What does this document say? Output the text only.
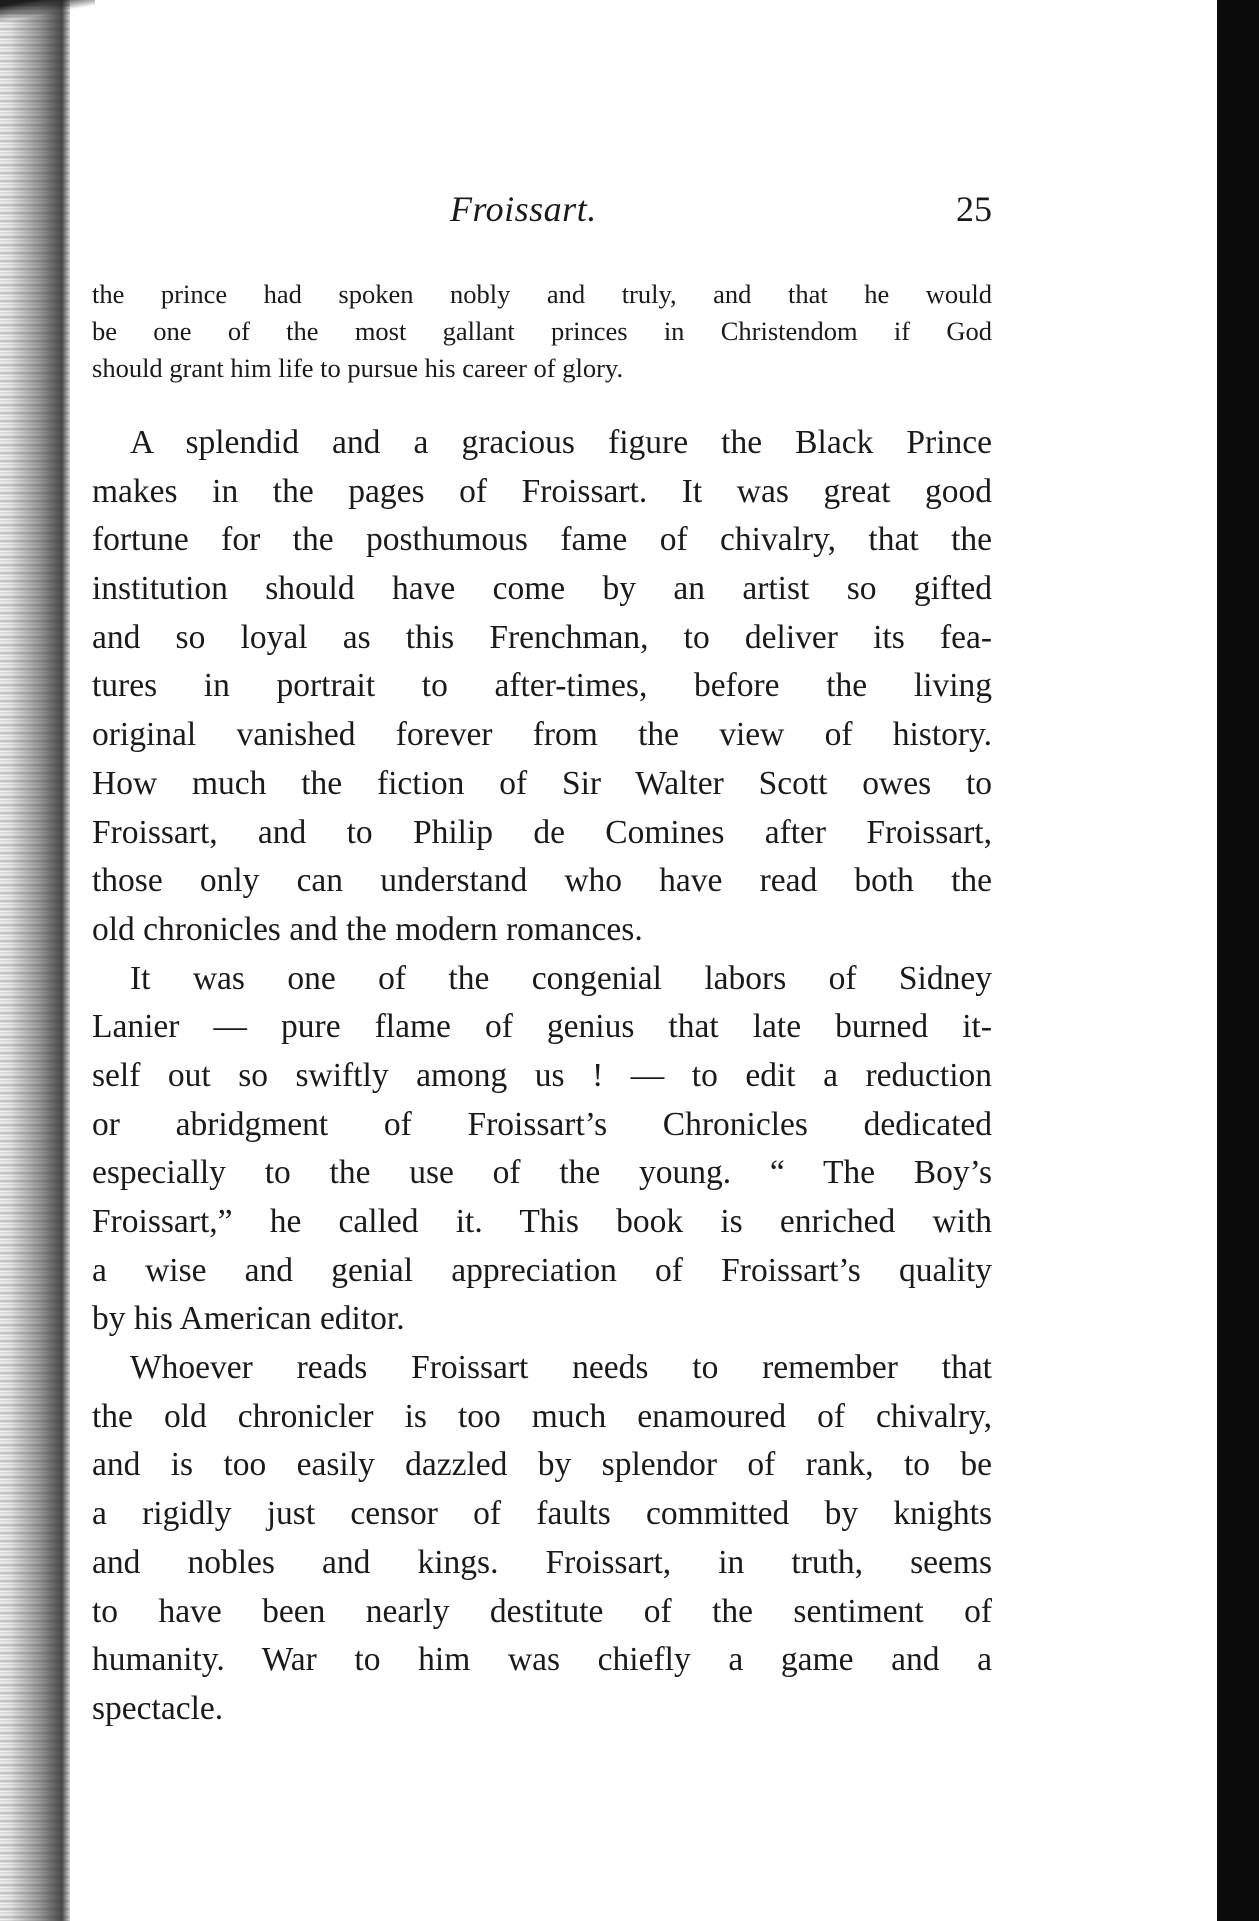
Froissart.	25
the prince had spoken nobly and truly, and that he would
be one of the most gallant princes in Christendom if God
should grant him life to pursue his career of glory.
A splendid and a gracious figure the Black Prince
makes in the pages of Froissart. It was great good
fortune for the posthumous fame of chivalry, that the
institution should have come by an artist so gifted
and so loyal as this Frenchman, to deliver its fea-
tures in portrait to after-times, before the living
original vanished forever from the view of history.
How much the fiction of Sir Walter Scott owes to
Froissart, and to Philip de Comines after Froissart,
those only can understand who have read both the
old chronicles and the modern romances.
It was one of the congenial labors of Sidney
Lanier — pure flame of genius that late burned it-
self out so swiftly among us ! — to edit a reduction
or abridgment of Froissart’s Chronicles dedicated
especially to the use of the young. “ The Boy’s
Froissart,” he called it. This book is enriched with
a wise and genial appreciation of Froissart’s quality
by his American editor.
Whoever reads Froissart needs to remember that
the old chronicler is too much enamoured of chivalry,
and is too easily dazzled by splendor of rank, to be
a rigidly just censor of faults committed by knights
and nobles and kings. Froissart, in truth, seems
to have been nearly destitute of the sentiment of
humanity. War to him was chiefly a game and a
spectacle.
